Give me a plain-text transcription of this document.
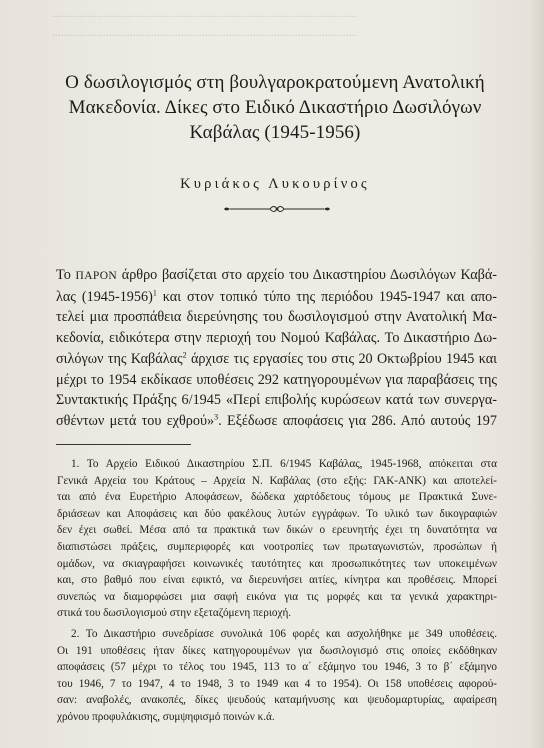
......................................................................................................
......................................................................................................
Ο δωσιλογισμός στη βουλγαροκρατούμενη Ανατολική
Μακεδονία. Δίκες στο Ειδικό Δικαστήριο Δωσιλόγων
Καβάλας (1945-1956)
Κυριάκος Λυκουρίνος
Το ΠΑΡΟΝ άρθρο βασίζεται στο αρχείο του Δικαστηρίου Δωσιλόγων Καβά-
λας (1945-1956)$^1$ και στον τοπικό τύπο της περιόδου 1945-1947 και απο-
τελεί μια προσπάθεια διερεύνησης του δωσιλογισμού στην Ανατολική Μα-
κεδονία, ειδικότερα στην περιοχή του Νομού Καβάλας. Το Δικαστήριο Δω-
σιλόγων της Καβάλας$^2$ άρχισε τις εργασίες του στις 20 Οκτωβρίου 1945 και
μέχρι το 1954 εκδίκασε υποθέσεις 292 κατηγορουμένων για παραβάσεις της
Συντακτικής Πράξης 6/1945 «Περί επιβολής κυρώσεων κατά των συνεργα-
σθέντων μετά του εχθρού»$^3$. Εξέδωσε αποφάσεις για 286. Από αυτούς 197
1. Το Αρχείο Ειδικού Δικαστηρίου Σ.Π. 6/1945 Καβάλας, 1945-1968, απόκειται στα
Γενικά Αρχεία του Κράτους – Αρχεία Ν. Καβάλας (στο εξής: ΓΑΚ-ΑΝΚ) και αποτελεί-
ται από ένα Ευρετήριο Αποφάσεων, δώδεκα χαρτόδετους τόμους με Πρακτικά Συνε-
δριάσεων και Αποφάσεις και δύο φακέλους λυτών εγγράφων. Το υλικό των δικογραφιών
δεν έχει σωθεί. Μέσα από τα πρακτικά των δικών ο ερευνητής έχει τη δυνατότητα να
διαπιστώσει πράξεις, συμπεριφορές και νοοτροπίες των πρωταγωνιστών, προσώπων ή
ομάδων, να σκιαγραφήσει κοινωνικές ταυτότητες και προσωπικότητες των υποκειμένων
και, στο βαθμό που είναι εφικτό, να διερευνήσει αιτίες, κίνητρα και προθέσεις. Μπορεί
συνεπώς να διαμορφώσει μια σαφή εικόνα για τις μορφές και τα γενικά χαρακτηρι-
στικά του δωσιλογισμού στην εξεταζόμενη περιοχή.
2. Το Δικαστήριο συνεδρίασε συνολικά 106 φορές και ασχολήθηκε με 349 υποθέσεις.
Οι 191 υποθέσεις ήταν δίκες κατηγορουμένων για δωσιλογισμό στις οποίες εκδόθηκαν
αποφάσεις (57 μέχρι το τέλος του 1945, 113 το α΄ εξάμηνο του 1946, 3 το β΄ εξάμηνο
του 1946, 7 το 1947, 4 το 1948, 3 το 1949 και 4 το 1954). Οι 158 υποθέσεις αφορού-
σαν: αναβολές, ανακοπές, δίκες ψευδούς καταμήνυσης και ψευδομαρτυρίας, αφαίρεση
χρόνου προφυλάκισης, συμψηφισμό ποινών κ.ά.
